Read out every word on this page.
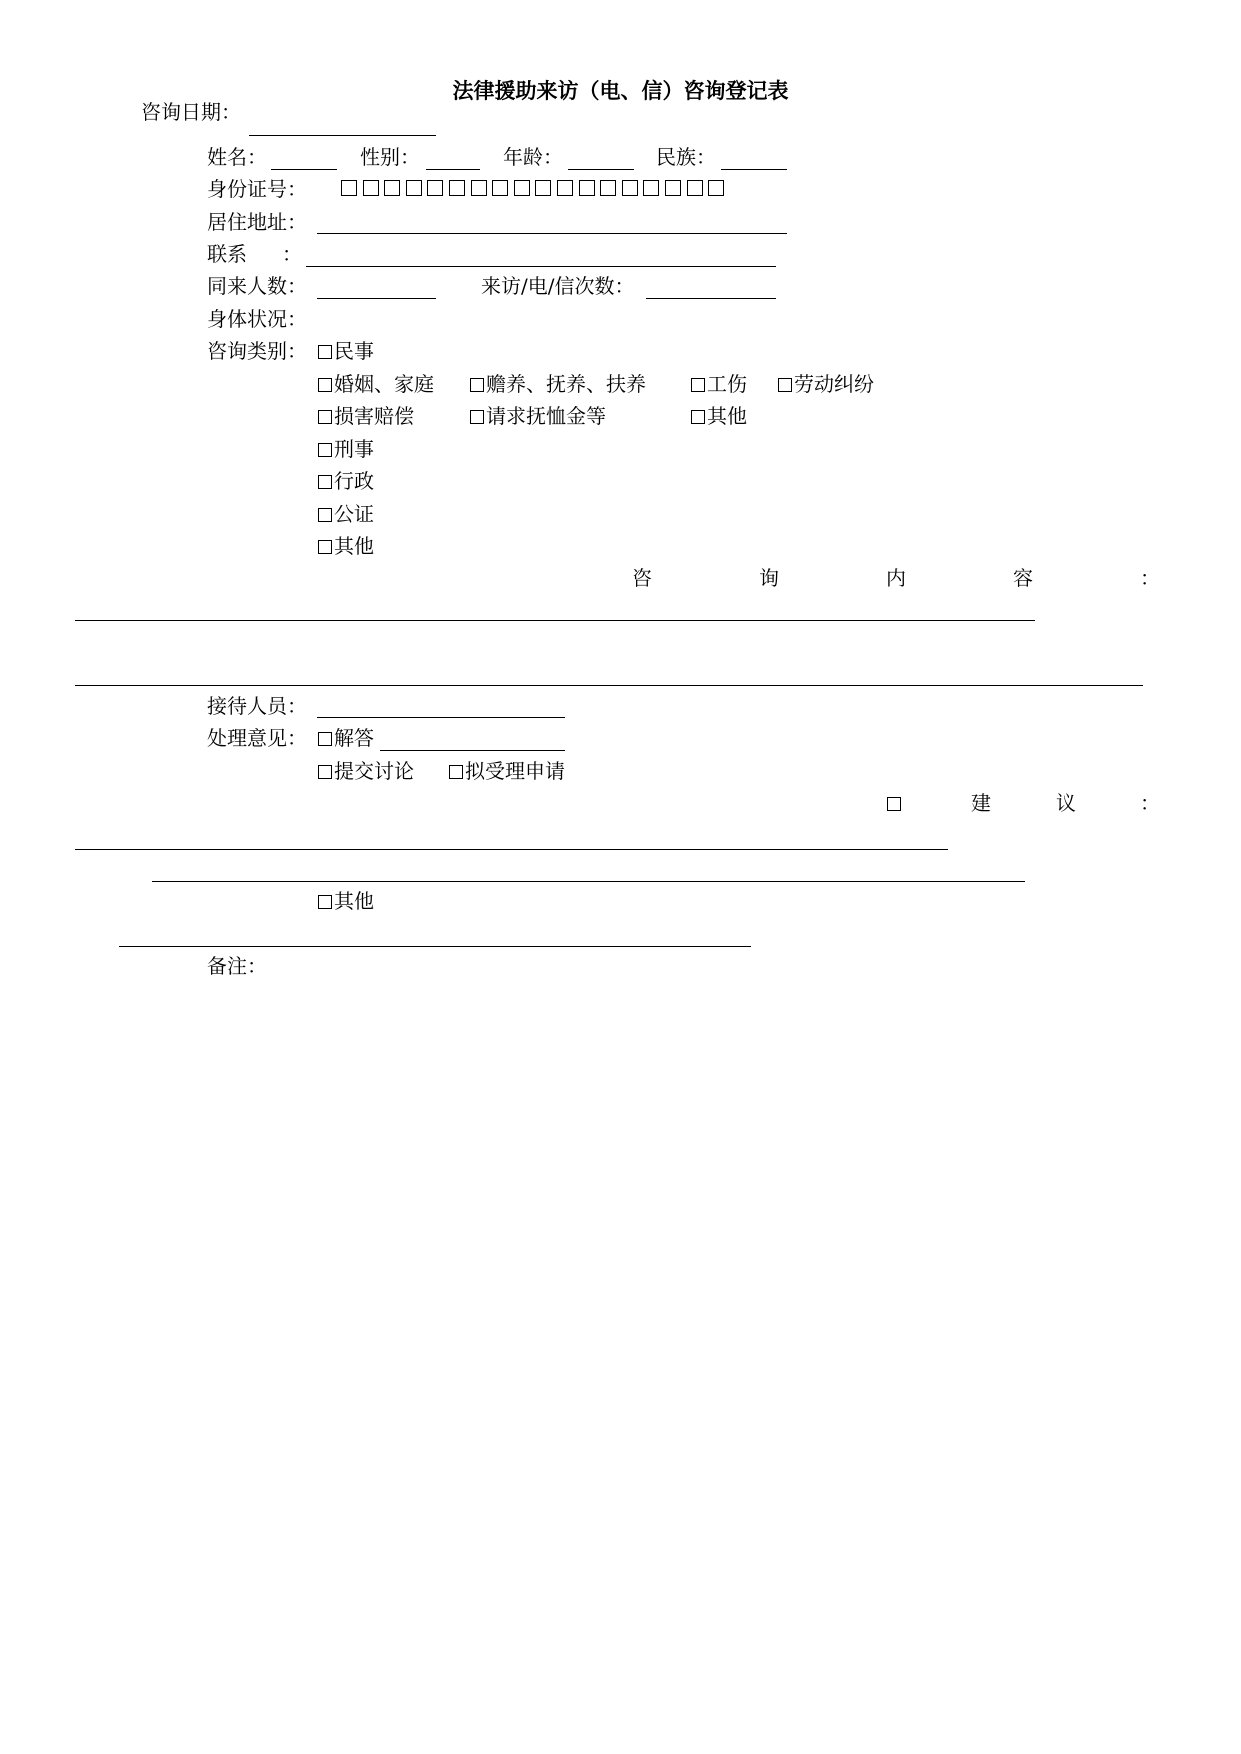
法律援助来访（电、信）咨询登记表
咨询日期：
姓名：	性别：	年龄：	民族：
身份证号：
居住地址：
联系 ：
同来人数：	来访/电/信次数：
身体状况：
咨询类别：	民事
婚姻、家庭	赡养、抚养、扶养	工伤	劳动纠纷
损害赔偿	请求抚恤金等	其他
刑事
行政
公证
其他
咨	询	内	容	：
接待人员：
处理意见：	解答
提交讨论	拟受理申请
建	议	：
其他
备注：
